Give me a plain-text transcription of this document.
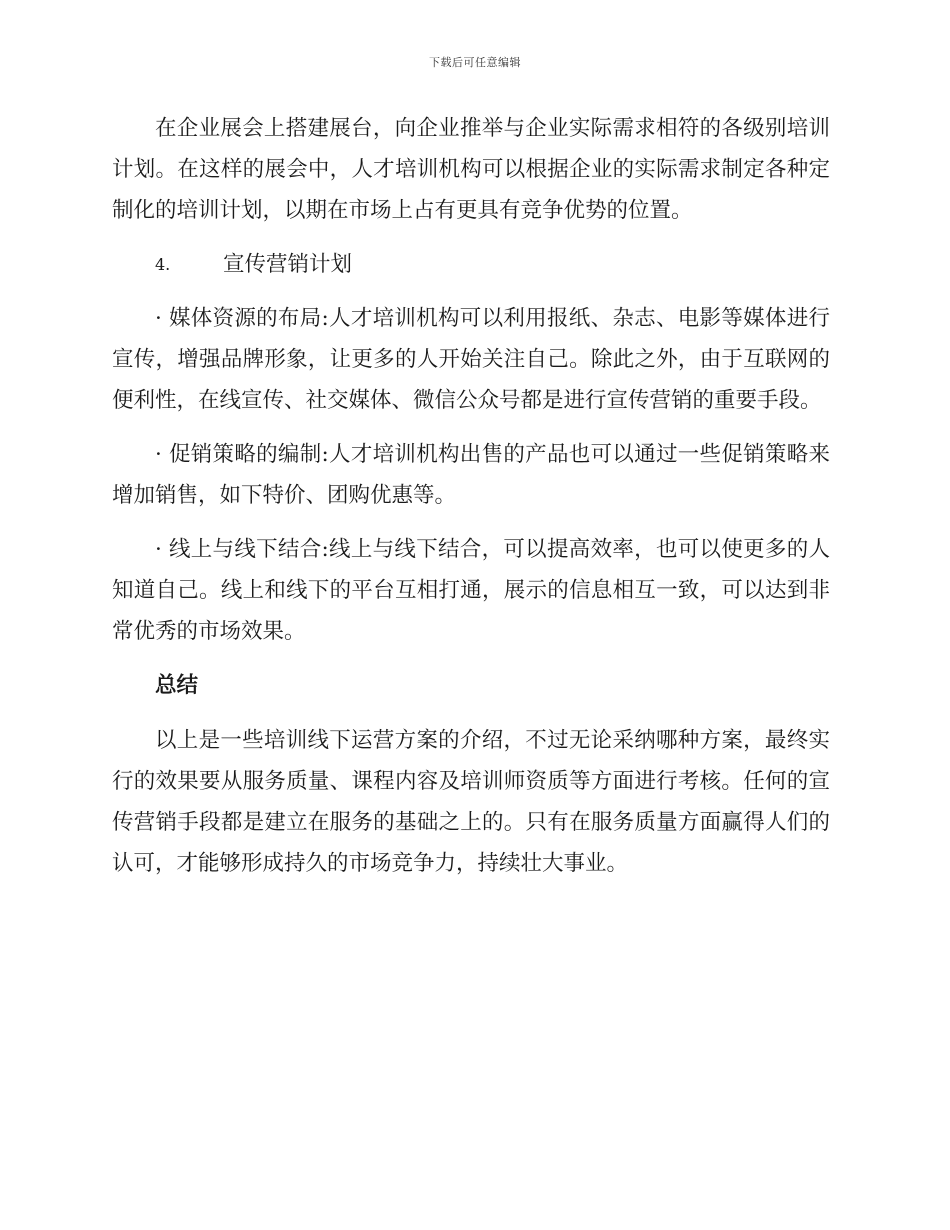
下载后可任意编辑

在企业展会上搭建展台，向企业推举与企业实际需求相符的各级别培训计划。在这样的展会中，人才培训机构可以根据企业的实际需求制定各种定制化的培训计划，以期在市场上占有更具有竞争优势的位置。

4.	宣传营销计划

· 媒体资源的布局:人才培训机构可以利用报纸、杂志、电影等媒体进行宣传，增强品牌形象，让更多的人开始关注自己。除此之外，由于互联网的便利性，在线宣传、社交媒体、微信公众号都是进行宣传营销的重要手段。

· 促销策略的编制:人才培训机构出售的产品也可以通过一些促销策略来增加销售，如下特价、团购优惠等。

· 线上与线下结合:线上与线下结合，可以提高效率，也可以使更多的人知道自己。线上和线下的平台互相打通，展示的信息相互一致，可以达到非常优秀的市场效果。

总结

以上是一些培训线下运营方案的介绍，不过无论采纳哪种方案，最终实行的效果要从服务质量、课程内容及培训师资质等方面进行考核。任何的宣传营销手段都是建立在服务的基础之上的。只有在服务质量方面赢得人们的认可，才能够形成持久的市场竞争力，持续壮大事业。
